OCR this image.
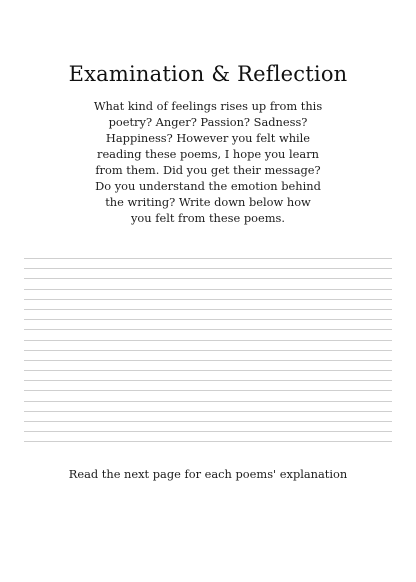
Examination & Reflection

What kind of feelings rises up from this
poetry? Anger? Passion? Sadness?
Happiness? However you felt while
reading these poems, I hope you learn
from them. Did you get their message?
Do you understand the emotion behind
the writing? Write down below how
you felt from these poems.

Read the next page for each poems' explanation
